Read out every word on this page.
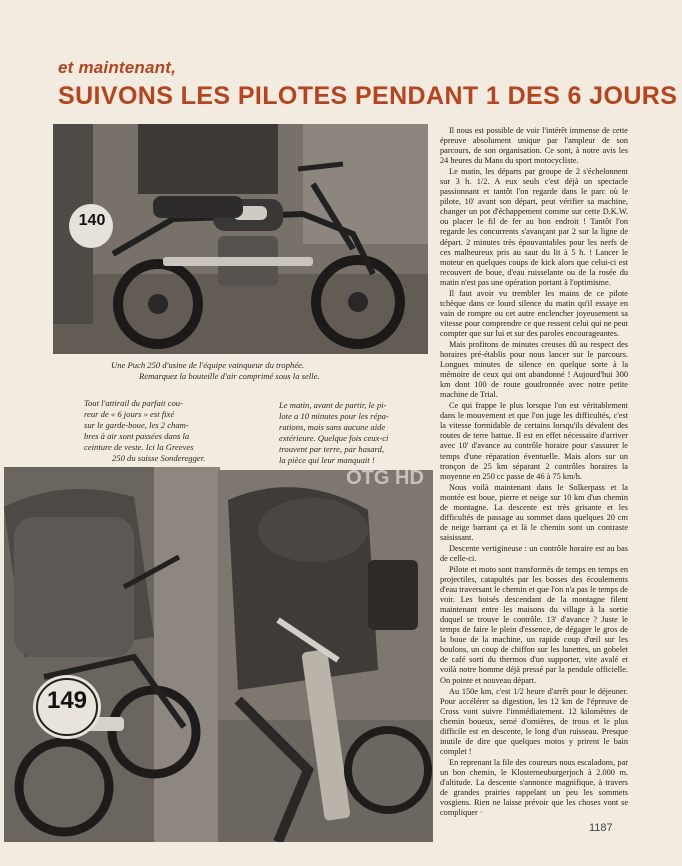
et maintenant,
SUIVONS LES PILOTES PENDANT 1 DES 6 JOURS
140
Une Puch 250 d'usine de l'équipe vainqueur du trophée.
Remarquez la bouteille d'air comprimé sous la selle.
Tout l'attirail du parfait cou-
reur de « 6 jours » est fixé
sur le garde-boue, les 2 cham-
bres à air sont passées dans la
ceinture de veste. Ici la Greeves
250 du suisse Sonderegger.
Le matin, avant de partir, le pi-
lote a 10 minutes pour les répa-
rations, mais sans aucune aide
extérieure. Quelque fois ceux-ci
trouvent par terre, par hasard,
la pièce qui leur manquait !
149
OTG HD

Il nous est possible de voir l'intérêt immense de cette épreuve absolument unique par l'ampleur de son parcours, de son organisation. Ce sont, à notre avis les 24 heures du Mans du sport motocycliste.

Le matin, les départs par groupe de 2 s'échelonnent sur 3 h. 1/2. A eux seuls c'est déjà un spectacle passionnant et tantôt l'on regarde dans le parc où le pilote, 10' avant son départ, peut vérifier sa machine, changer un pot d'échappement comme sur cette D.K.W. ou placer le fil de fer au bon endroit ! Tantôt l'on regarde les concurrents s'avançant par 2 sur la ligne de départ. 2 minutes très épouvantables pour les nerfs de ces malheureux pris au saut du lit à 5 h. ! Lancer le moteur en quelques coups de kick alors que celui-ci est recouvert de boue, d'eau ruisselante ou de la rosée du matin n'est pas une opération portant à l'optimisme.

Il faut avoir vu trembler les mains de ce pilote tchèque dans ce lourd silence du matin qu'il essaye en vain de rompre ou cet autre enclencher joyeusement sa vitesse pour comprendre ce que ressent celui qui ne peut compter que sur lui et sur des paroles encourageantes.

Mais profitons de minutes creuses dû au respect des horaires pré-établis pour nous lancer sur le parcours. Longues minutes de silence en quelque sorte à la mémoire de ceux qui ont abandonné ! Aujourd'hui 300 km dont 100 de route goudronnée avec notre petite machine de Trial.

Ce qui frappe le plus lorsque l'on est véritablement dans le mouvement et que l'on juge les difficultés, c'est la vitesse formidable de certains lorsqu'ils dévalent des routes de terre battue. Il est en effet nécessaire d'arriver avec 10' d'avance au contrôle horaire pour s'assurer le temps d'une réparation éventuelle. Mais alors sur un tronçon de 25 km séparant 2 contrôles horaires la moyenne en 250 cc passe de 46 à 75 km/h.

Nous voilà maintenant dans le Solkerpass et la montée est boue, pierre et neige sur 10 km d'un chemin de montagne. La descente est très grisante et les difficultés de passage au sommet dans quelques 20 cm de neige barrant ça et là le chemin sont un contraste saisissant.

Descente vertigineuse : un contrôle horaire est au bas de celle-ci.

Pilote et moto sont transformés de temps en temps en projectiles, catapultés par les bosses des écoulements d'eau traversant le chemin et que l'on n'a pas le temps de voir. Les boisés descendant de la montagne filent maintenant entre les maisons du village à la sortie duquel se trouve le contrôle. 13' d'avance ? Juste le temps de faire le plein d'essence, de dégager le gros de la boue de la machine, un rapide coup d'œil sur les boulons, un coup de chiffon sur les lunettes, un gobelet de café sorti du thermos d'un supporter, vite avalé et voilà notre homme déjà pressé par la pendule officielle. On pointe et nouveau départ.

Au 150e km, c'est 1/2 heure d'arrêt pour le déjeuner. Pour accélérer sa digestion, les 12 km de l'épreuve de Cross vont suivre l'immédiatement. 12 kilomètres de chemin boueux, semé d'ornières, de trous et le plus difficile est en descente, le long d'un ruisseau. Presque inutile de dire que quelques motos y prirent le bain complet !

En reprenant la file des coureurs nous escaladons, par un bon chemin, le Klosterneuburgerjoch à 2.000 m. d'altitude. La descente s'annonce magnifique, à travers de grandes prairies rappelant un peu les sommets vosgiens. Rien ne laisse prévoir que les choses vont se compliquer ·

1187
